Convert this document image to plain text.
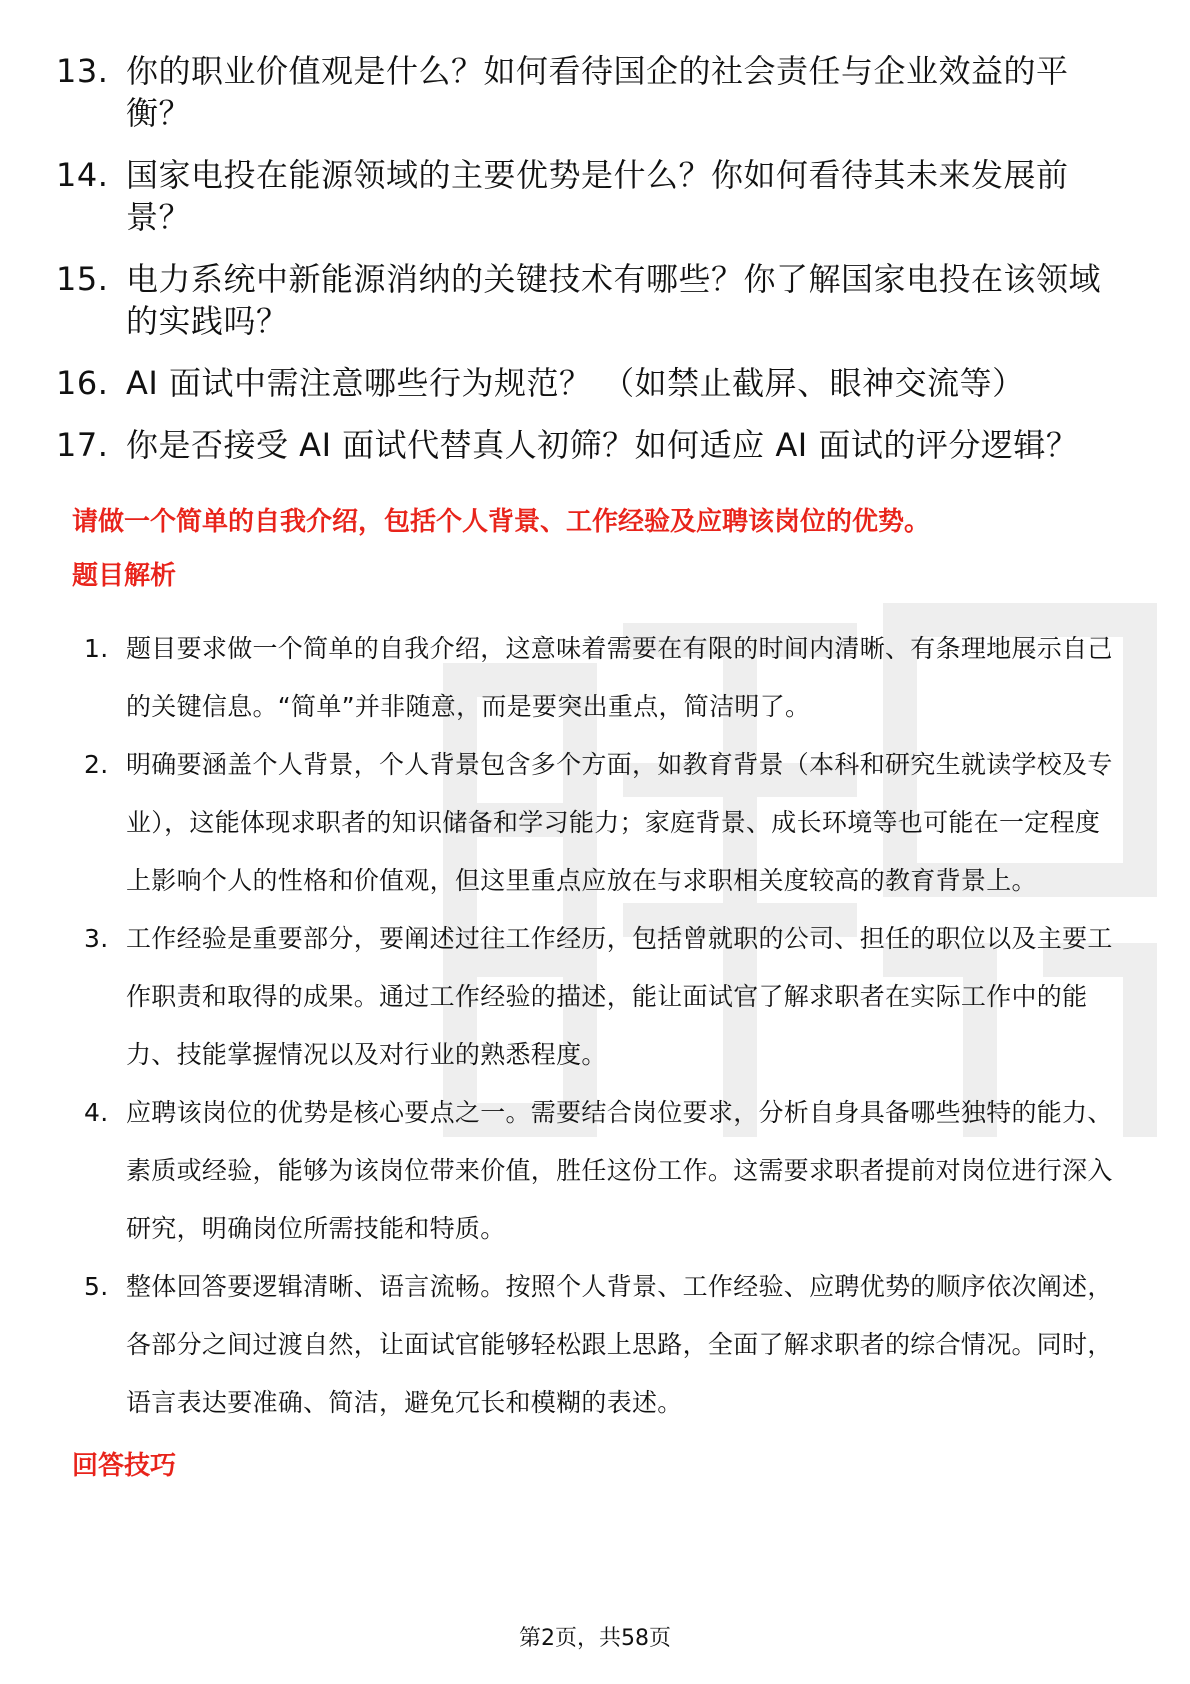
13. 你的职业价值观是什么？如何看待国企的社会责任与企业效益的平衡？
14. 国家电投在能源领域的主要优势是什么？你如何看待其未来发展前景？
15. 电力系统中新能源消纳的关键技术有哪些？你了解国家电投在该领域的实践吗？
16. AI 面试中需注意哪些行为规范？ （如禁止截屏、眼神交流等）
17. 你是否接受 AI 面试代替真人初筛？如何适应 AI 面试的评分逻辑？
请做一个简单的自我介绍，包括个人背景、工作经验及应聘该岗位的优势。
题目解析
1. 题目要求做一个简单的自我介绍，这意味着需要在有限的时间内清晰、有条理地展示自己的关键信息。“简单”并非随意，而是要突出重点，简洁明了。
2. 明确要涵盖个人背景，个人背景包含多个方面，如教育背景（本科和研究生就读学校及专业），这能体现求职者的知识储备和学习能力；家庭背景、成长环境等也可能在一定程度上影响个人的性格和价值观，但这里重点应放在与求职相关度较高的教育背景上。
3. 工作经验是重要部分，要阐述过往工作经历，包括曾就职的公司、担任的职位以及主要工作职责和取得的成果。通过工作经验的描述，能让面试官了解求职者在实际工作中的能力、技能掌握情况以及对行业的熟悉程度。
4. 应聘该岗位的优势是核心要点之一。需要结合岗位要求，分析自身具备哪些独特的能力、素质或经验，能够为该岗位带来价值，胜任这份工作。这需要求职者提前对岗位进行深入研究，明确岗位所需技能和特质。
5. 整体回答要逻辑清晰、语言流畅。按照个人背景、工作经验、应聘优势的顺序依次阐述，各部分之间过渡自然，让面试官能够轻松跟上思路，全面了解求职者的综合情况。同时，语言表达要准确、简洁，避免冗长和模糊的表述。
回答技巧
第2页，共58页
